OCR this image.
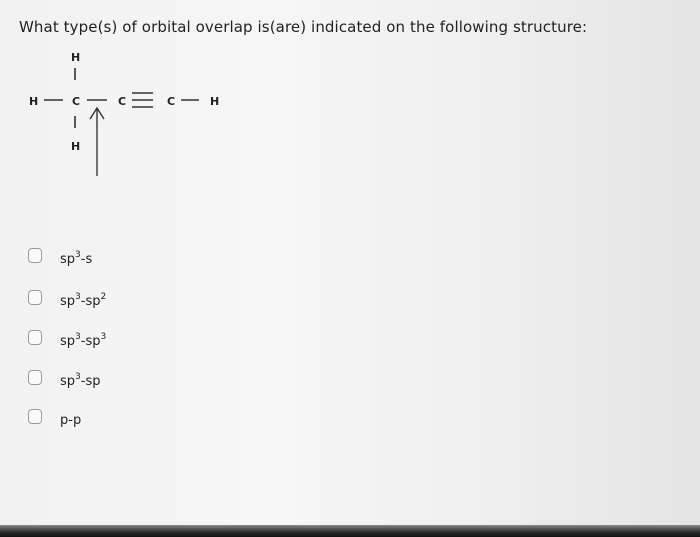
What type(s) of orbital overlap is(are) indicated on the following structure:
H
H	C	C	C	H
H
$sp^3-s$
$sp^3-sp^2$
$sp^3-sp^3$
$sp^3-sp$
p-p
